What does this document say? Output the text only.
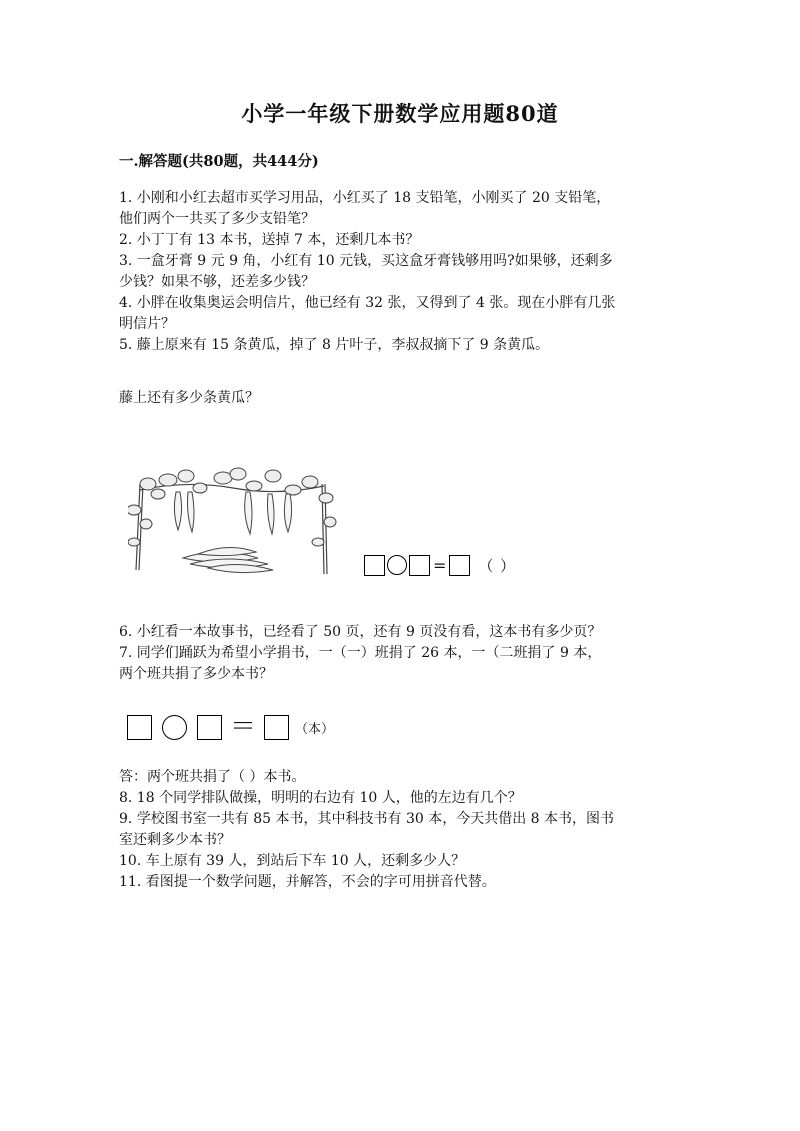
小学一年级下册数学应用题80道
一.解答题(共80题，共444分)
1. 小刚和小红去超市买学习用品，小红买了 18 支铅笔，小刚买了 20 支铅笔，
他们两个一共买了多少支铅笔？
2. 小丁丁有 13 本书，送掉 7 本，还剩几本书？
3. 一盒牙膏 9 元 9 角，小红有 10 元钱，买这盒牙膏钱够用吗?如果够，还剩多
少钱？如果不够，还差多少钱？
4. 小胖在收集奥运会明信片，他已经有 32 张，又得到了 4 张。现在小胖有几张
明信片？
5. 藤上原来有 15 条黄瓜，掉了 8 片叶子，李叔叔摘下了 9 条黄瓜。
藤上还有多少条黄瓜？
= （ ）
6. 小红看一本故事书，已经看了 50 页，还有 9 页没有看，这本书有多少页？
7. 同学们踊跃为希望小学捐书，一（一）班捐了 26 本，一（二班捐了 9 本，
两个班共捐了多少本书？
＝	（本）
答：两个班共捐了（ ）本书。
8. 18 个同学排队做操，明明的右边有 10 人，他的左边有几个？
9. 学校图书室一共有 85 本书，其中科技书有 30 本，今天共借出 8 本书，图书
室还剩多少本书？
10. 车上原有 39 人，到站后下车 10 人，还剩多少人？
11. 看图提一个数学问题，并解答，不会的字可用拼音代替。
